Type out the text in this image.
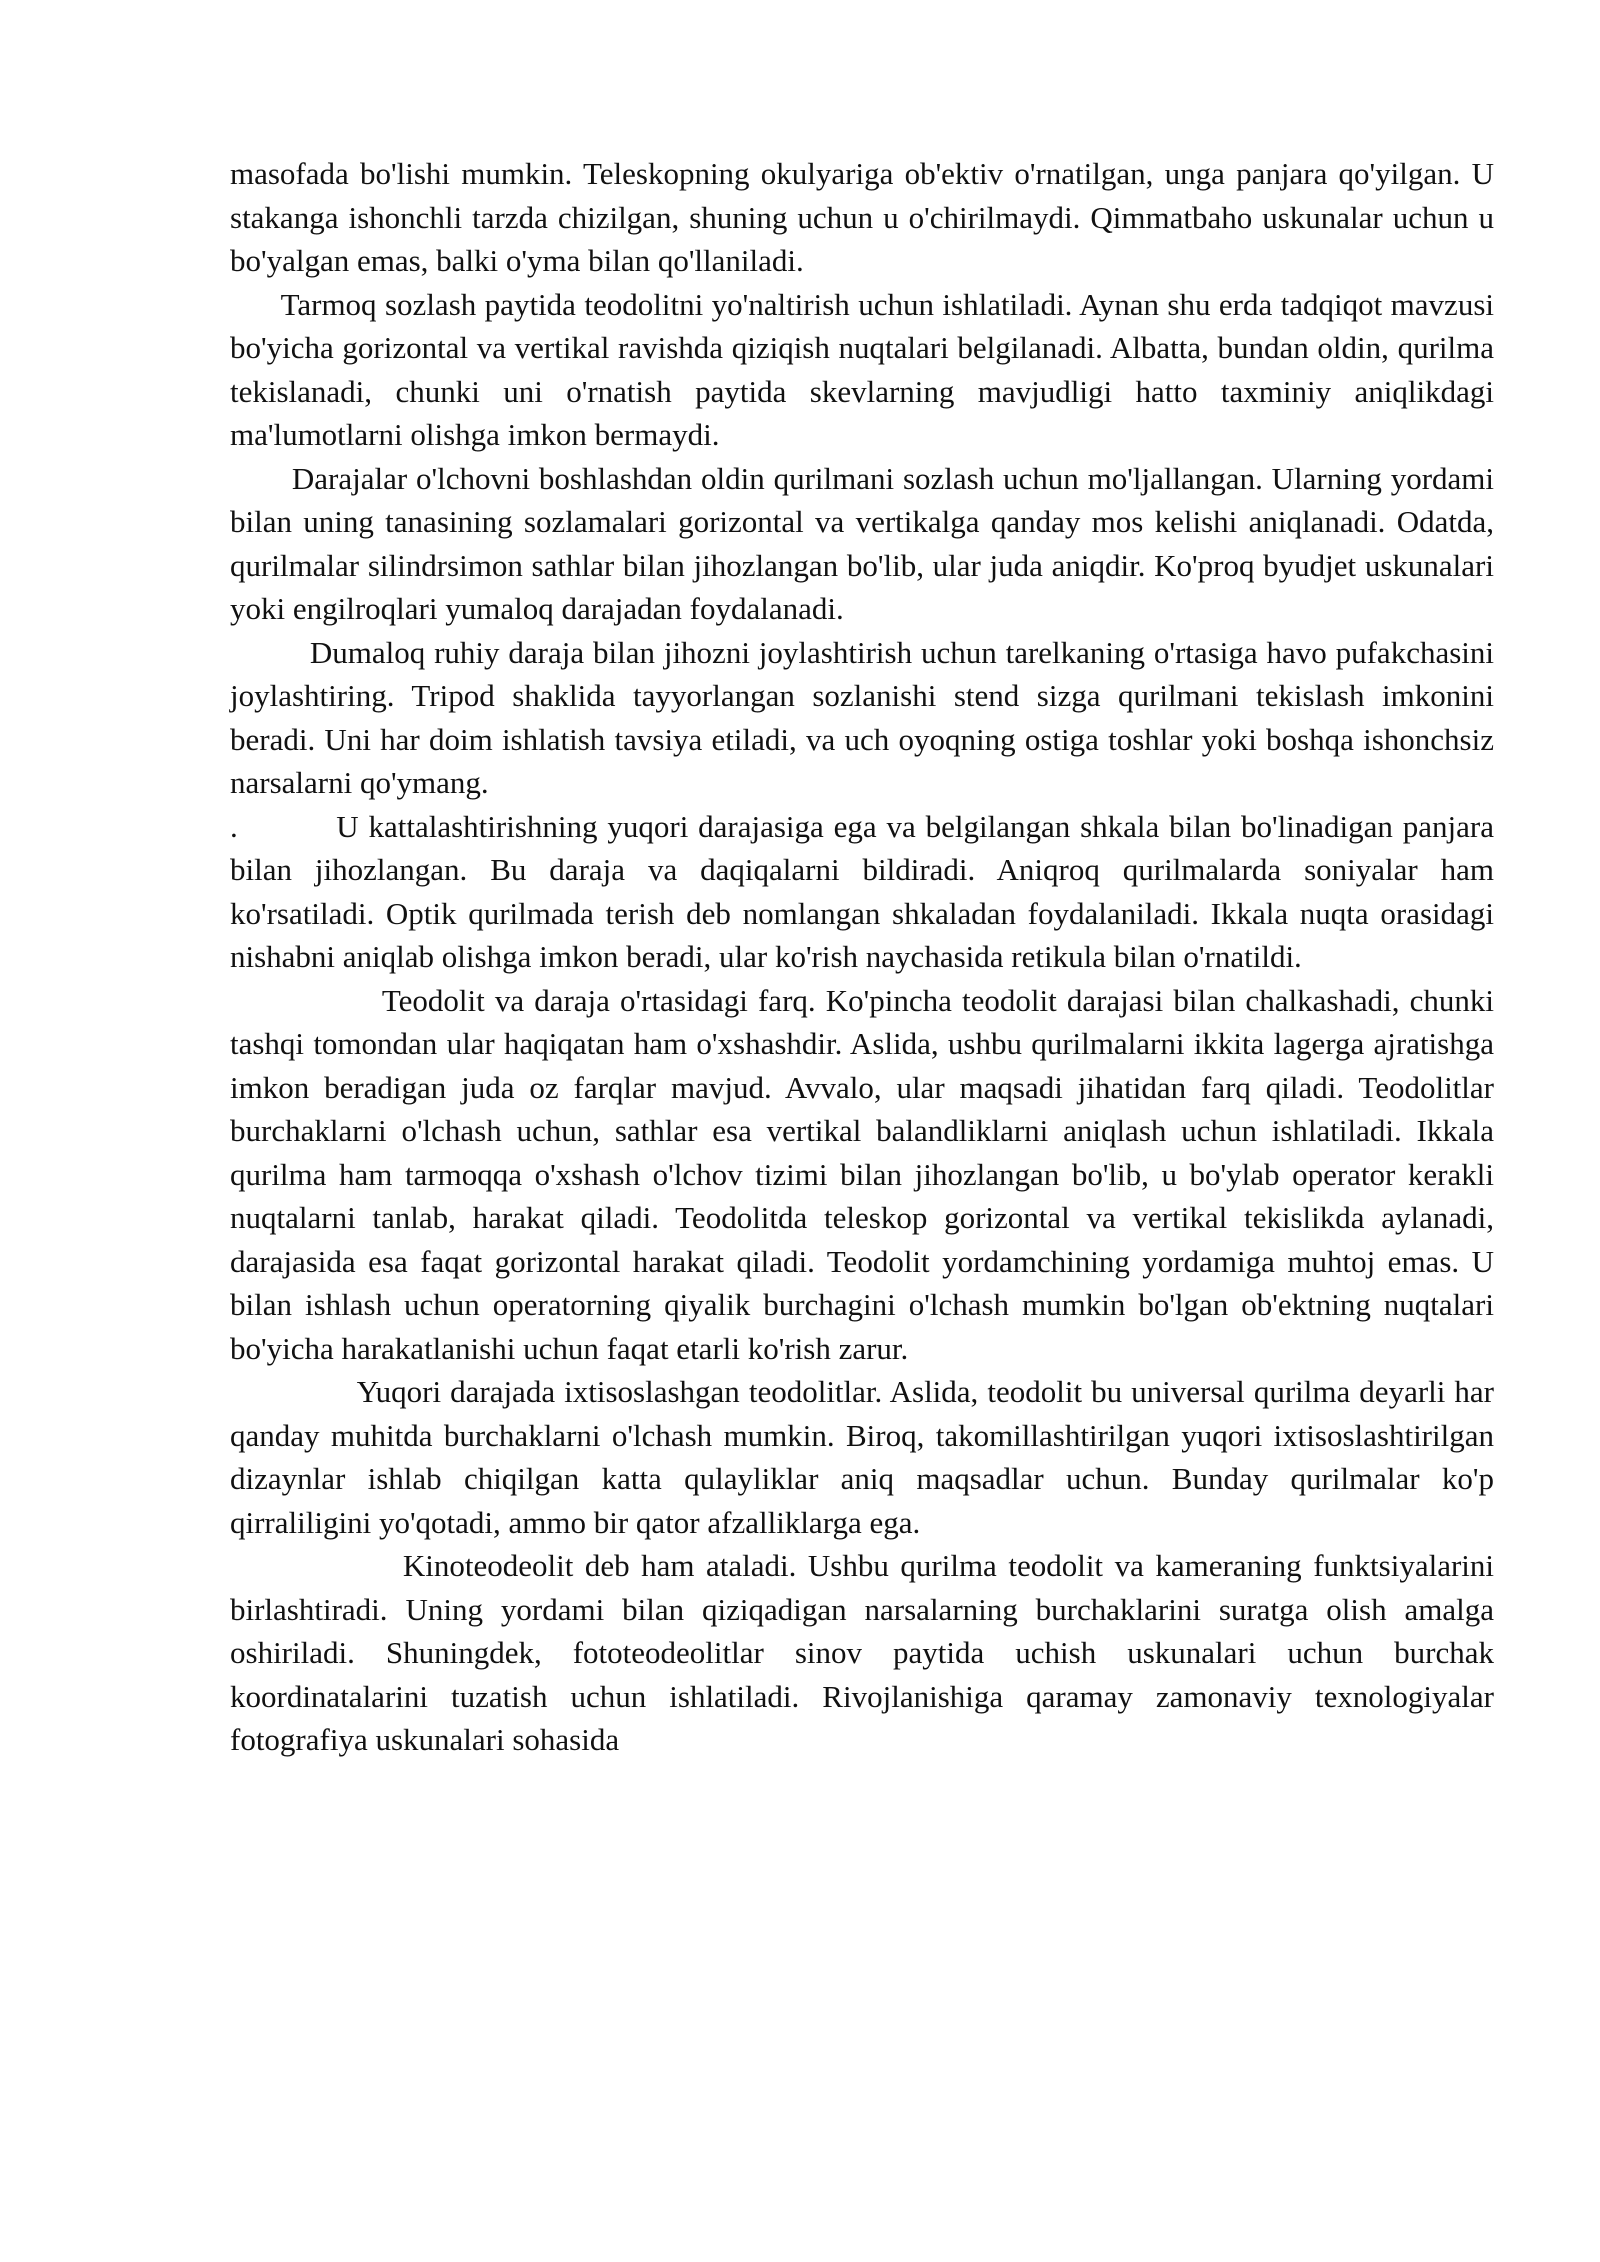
masofada bo'lishi mumkin. Teleskopning okulyariga ob'ektiv o'rnatilgan, unga panjara qo'yilgan. U stakanga ishonchli tarzda chizilgan, shuning uchun u o'chirilmaydi. Qimmatbaho uskunalar uchun u bo'yalgan emas, balki o'yma bilan qo'llaniladi.

Tarmoq sozlash paytida teodolitni yo'naltirish uchun ishlatiladi. Aynan shu erda tadqiqot mavzusi bo'yicha gorizontal va vertikal ravishda qiziqish nuqtalari belgilanadi. Albatta, bundan oldin, qurilma tekislanadi, chunki uni o'rnatish paytida skevlarning mavjudligi hatto taxminiy aniqlikdagi ma'lumotlarni olishga imkon bermaydi.

Darajalar o'lchovni boshlashdan oldin qurilmani sozlash uchun mo'ljallangan. Ularning yordami bilan uning tanasining sozlamalari gorizontal va vertikalga qanday mos kelishi aniqlanadi. Odatda, qurilmalar silindrsimon sathlar bilan jihozlangan bo'lib, ular juda aniqdir. Ko'proq byudjet uskunalari yoki engilroqlari yumaloq darajadan foydalanadi.

Dumaloq ruhiy daraja bilan jihozni joylashtirish uchun tarelkaning o'rtasiga havo pufakchasini joylashtiring. Tripod shaklida tayyorlangan sozlanishi stend sizga qurilmani tekislash imkonini beradi. Uni har doim ishlatish tavsiya etiladi, va uch oyoqning ostiga toshlar yoki boshqa ishonchsiz narsalarni qo'ymang.

.          U kattalashtirishning yuqori darajasiga ega va belgilangan shkala bilan bo'linadigan panjara bilan jihozlangan. Bu daraja va daqiqalarni bildiradi. Aniqroq qurilmalarda soniyalar ham ko'rsatiladi. Optik qurilmada terish deb nomlangan shkaladan foydalaniladi. Ikkala nuqta orasidagi nishabni aniqlab olishga imkon beradi, ular ko'rish naychasida retikula bilan o'rnatildi.

Teodolit va daraja o'rtasidagi farq. Ko'pincha teodolit darajasi bilan chalkashadi, chunki tashqi tomondan ular haqiqatan ham o'xshashdir. Aslida, ushbu qurilmalarni ikkita lagerga ajratishga imkon beradigan juda oz farqlar mavjud. Avvalo, ular maqsadi jihatidan farq qiladi. Teodolitlar burchaklarni o'lchash uchun, sathlar esa vertikal balandliklarni aniqlash uchun ishlatiladi. Ikkala qurilma ham tarmoqqa o'xshash o'lchov tizimi bilan jihozlangan bo'lib, u bo'ylab operator kerakli nuqtalarni tanlab, harakat qiladi. Teodolitda teleskop gorizontal va vertikal tekislikda aylanadi, darajasida esa faqat gorizontal harakat qiladi. Teodolit yordamchining yordamiga muhtoj emas. U bilan ishlash uchun operatorning qiyalik burchagini o'lchash mumkin bo'lgan ob'ektning nuqtalari bo'yicha harakatlanishi uchun faqat etarli ko'rish zarur.

Yuqori darajada ixtisoslashgan teodolitlar. Aslida, teodolit bu universal qurilma deyarli har qanday muhitda burchaklarni o'lchash mumkin. Biroq, takomillashtirilgan yuqori ixtisoslashtirilgan dizaynlar ishlab chiqilgan katta qulayliklar aniq maqsadlar uchun. Bunday qurilmalar ko'p qirraliligini yo'qotadi, ammo bir qator afzalliklarga ega.

Kinoteodeolit deb ham ataladi. Ushbu qurilma teodolit va kameraning funktsiyalarini birlashtiradi. Uning yordami bilan qiziqadigan narsalarning burchaklarini suratga olish amalga oshiriladi. Shuningdek, fototeodeolitlar sinov paytida uchish uskunalari uchun burchak koordinatalarini tuzatish uchun ishlatiladi. Rivojlanishiga qaramay zamonaviy texnologiyalar fotografiya uskunalari sohasida
